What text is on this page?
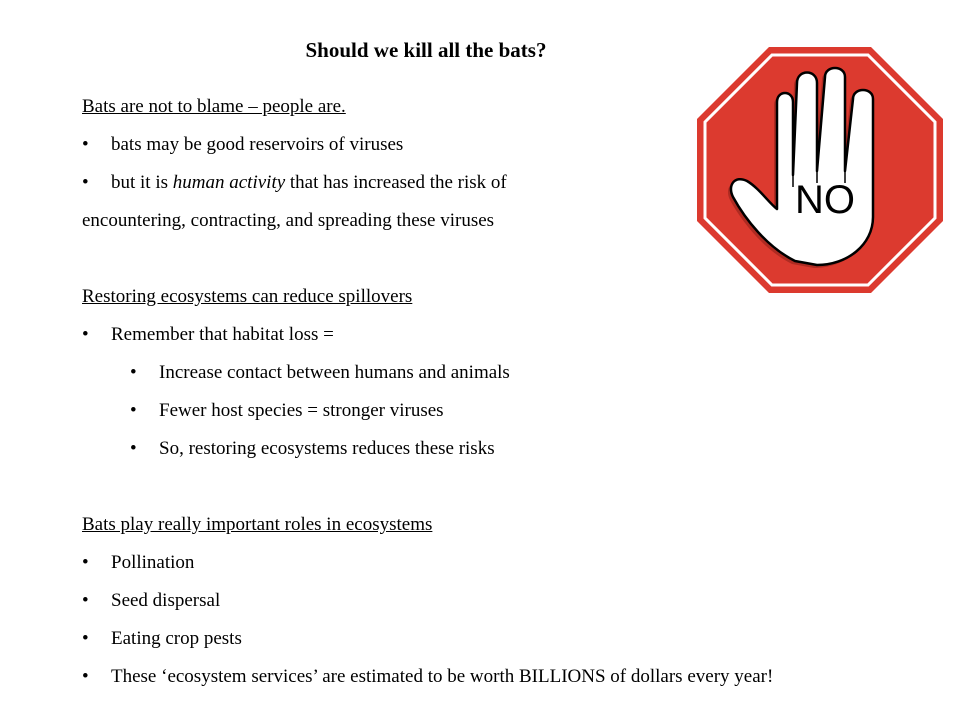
Should we kill all the bats?
Bats are not to blame – people are.
• bats may be good reservoirs of viruses
• but it is human activity that has increased the risk of
encountering, contracting, and spreading these viruses
Restoring ecosystems can reduce spillovers
• Remember that habitat loss =
• Increase contact between humans and animals
• Fewer host species = stronger viruses
• So, restoring ecosystems reduces these risks
Bats play really important roles in ecosystems
• Pollination
• Seed dispersal
• Eating crop pests
• These ‘ecosystem services’ are estimated to be worth BILLIONS of dollars every year!
NO
